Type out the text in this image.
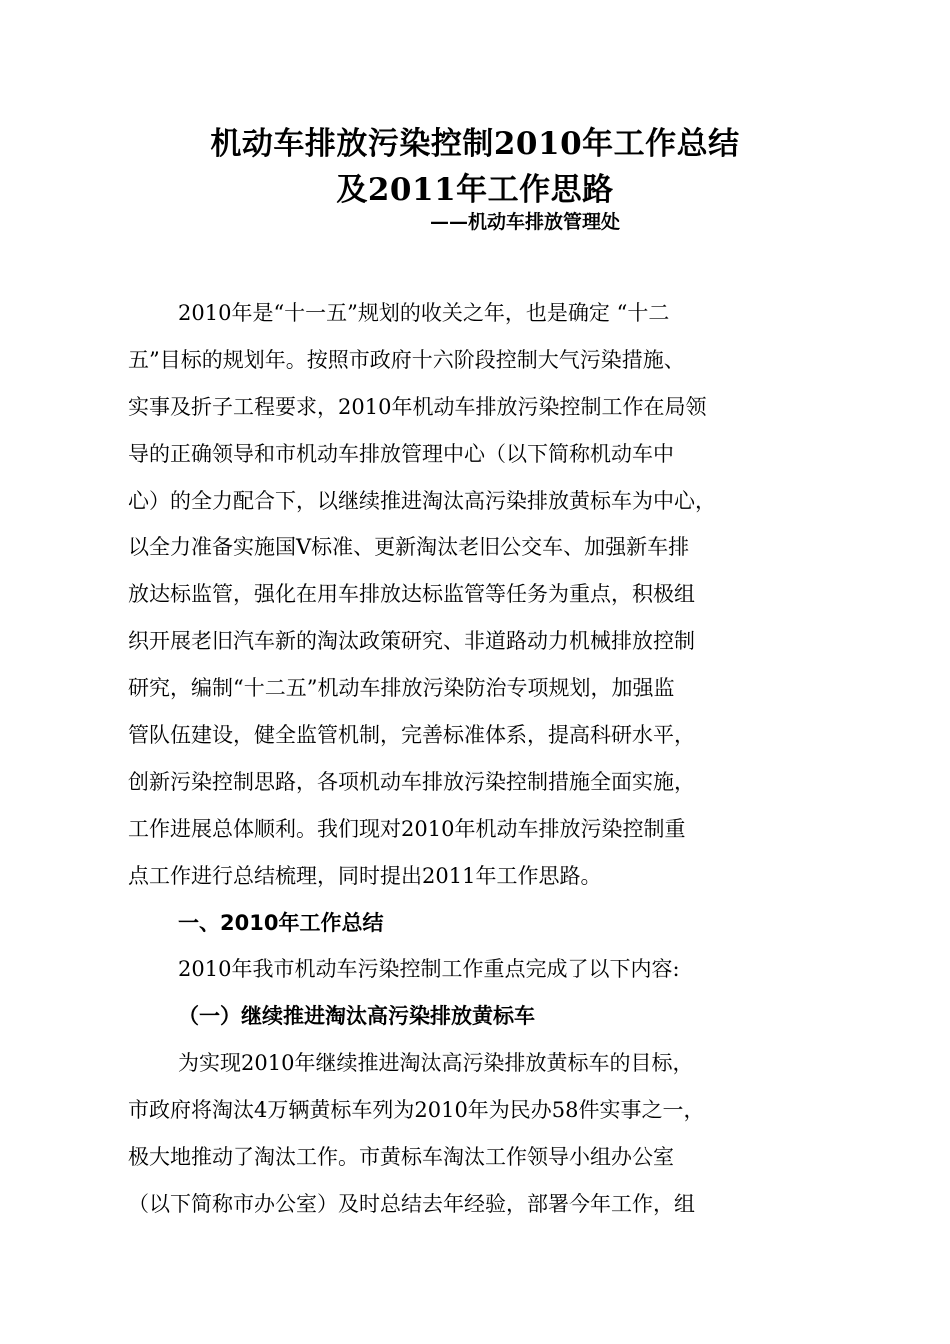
机动车排放污染控制2010年工作总结
及2011年工作思路
——机动车排放管理处
2010年是“十一五”规划的收关之年，也是确定 “十二
五”目标的规划年。按照市政府十六阶段控制大气污染措施、
实事及折子工程要求，2010年机动车排放污染控制工作在局领
导的正确领导和市机动车排放管理中心（以下简称机动车中
心）的全力配合下，以继续推进淘汰高污染排放黄标车为中心，
以全力准备实施国Ⅴ标准、更新淘汰老旧公交车、加强新车排
放达标监管，强化在用车排放达标监管等任务为重点，积极组
织开展老旧汽车新的淘汰政策研究、非道路动力机械排放控制
研究，编制“十二五”机动车排放污染防治专项规划，加强监
管队伍建设，健全监管机制，完善标准体系，提高科研水平，
创新污染控制思路，各项机动车排放污染控制措施全面实施，
工作进展总体顺利。我们现对2010年机动车排放污染控制重
点工作进行总结梳理，同时提出2011年工作思路。
一、2010年工作总结
2010年我市机动车污染控制工作重点完成了以下内容:
（一）继续推进淘汰高污染排放黄标车
为实现2010年继续推进淘汰高污染排放黄标车的目标，
市政府将淘汰4万辆黄标车列为2010年为民办58件实事之一，
极大地推动了淘汰工作。市黄标车淘汰工作领导小组办公室
（以下简称市办公室）及时总结去年经验，部署今年工作，组
